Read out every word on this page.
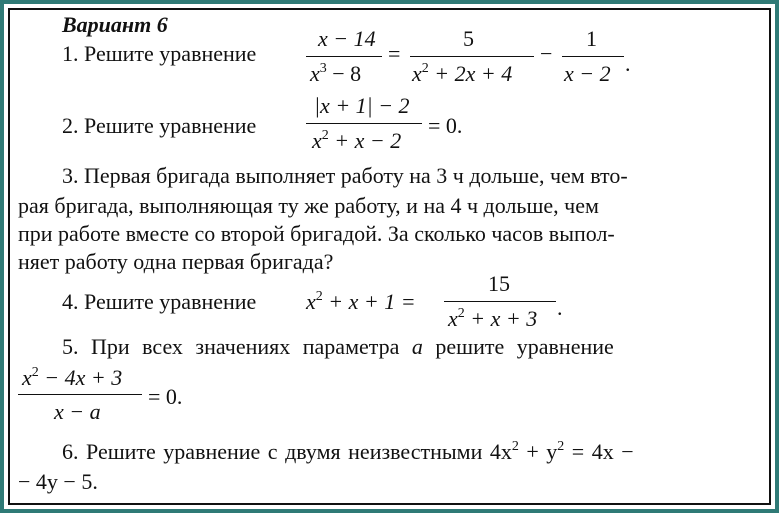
Вариант 6
1. Решите уравнение
x − 14
$x^3 - 8$
=
5
$x^2 + 2x + 4$
−
1
x − 2 .
2. Решите уравнение
|x + 1| − 2
$x^2 + x - 2$
= 0.
3. Первая бригада выполняет работу на 3 ч дольше, чем вто-
рая бригада, выполняющая ту же работу, и на 4 ч дольше, чем
при работе вместе со второй бригадой. За сколько часов выпол-
няет работу одна первая бригада?
4. Решите уравнение $x^2 + x + 1$ =
15
$x^2 + x + 3$ .
5. При всех значениях параметра a решите уравнение
$x^2 - 4x + 3$
x − a
= 0.
6. Решите уравнение с двумя неизвестными $4x^2 + y^2 = 4x$ −
− 4y − 5.
